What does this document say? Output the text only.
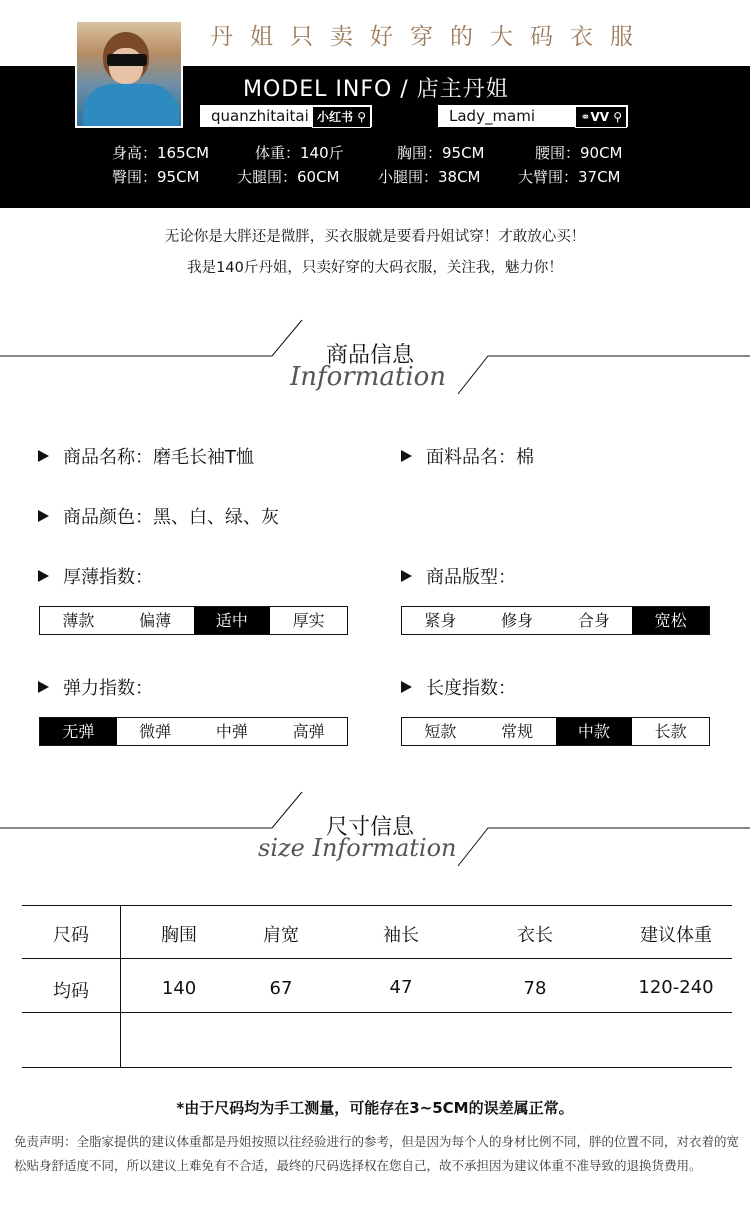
丹姐只卖好穿的大码衣服
MODEL INFO / 店主丹姐
quanzhitaitai 小红书 ⚲	Lady_mami	⚭VV ⚲
身高：165CM	体重：140斤	胸围：95CM	腰围：90CM
臀围：95CM 大腿围：60CM	小腿围：38CM 大臂围：37CM
无论你是大胖还是微胖，买衣服就是要看丹姐试穿！才敢放心买！
我是140斤丹姐，只卖好穿的大码衣服，关注我，魅力你！
商品信息
Information
商品名称：磨毛长袖T恤	面料品名：棉
商品颜色：黑、白、绿、灰
厚薄指数：	商品版型：
薄款	偏薄	适中	厚实	紧身	修身	合身	宽松
弹力指数：	长度指数：
无弹	微弹	中弹	高弹	短款	常规	中款	长款
尺寸信息
size Information
尺码	胸围	肩宽	袖长	衣长	建议体重
均码	140	67	47	78	120-240
*由于尺码均为手工测量，可能存在3~5CM的误差属正常。
免责声明：全脂家提供的建议体重都是丹姐按照以往经验进行的参考，但是因为每个人的身材比例不同，胖的位置不同，对衣着的宽松贴身舒适度不同，所以建议上难免有不合适，最终的尺码选择权在您自己，故不承担因为建议体重不准导致的退换货费用。
